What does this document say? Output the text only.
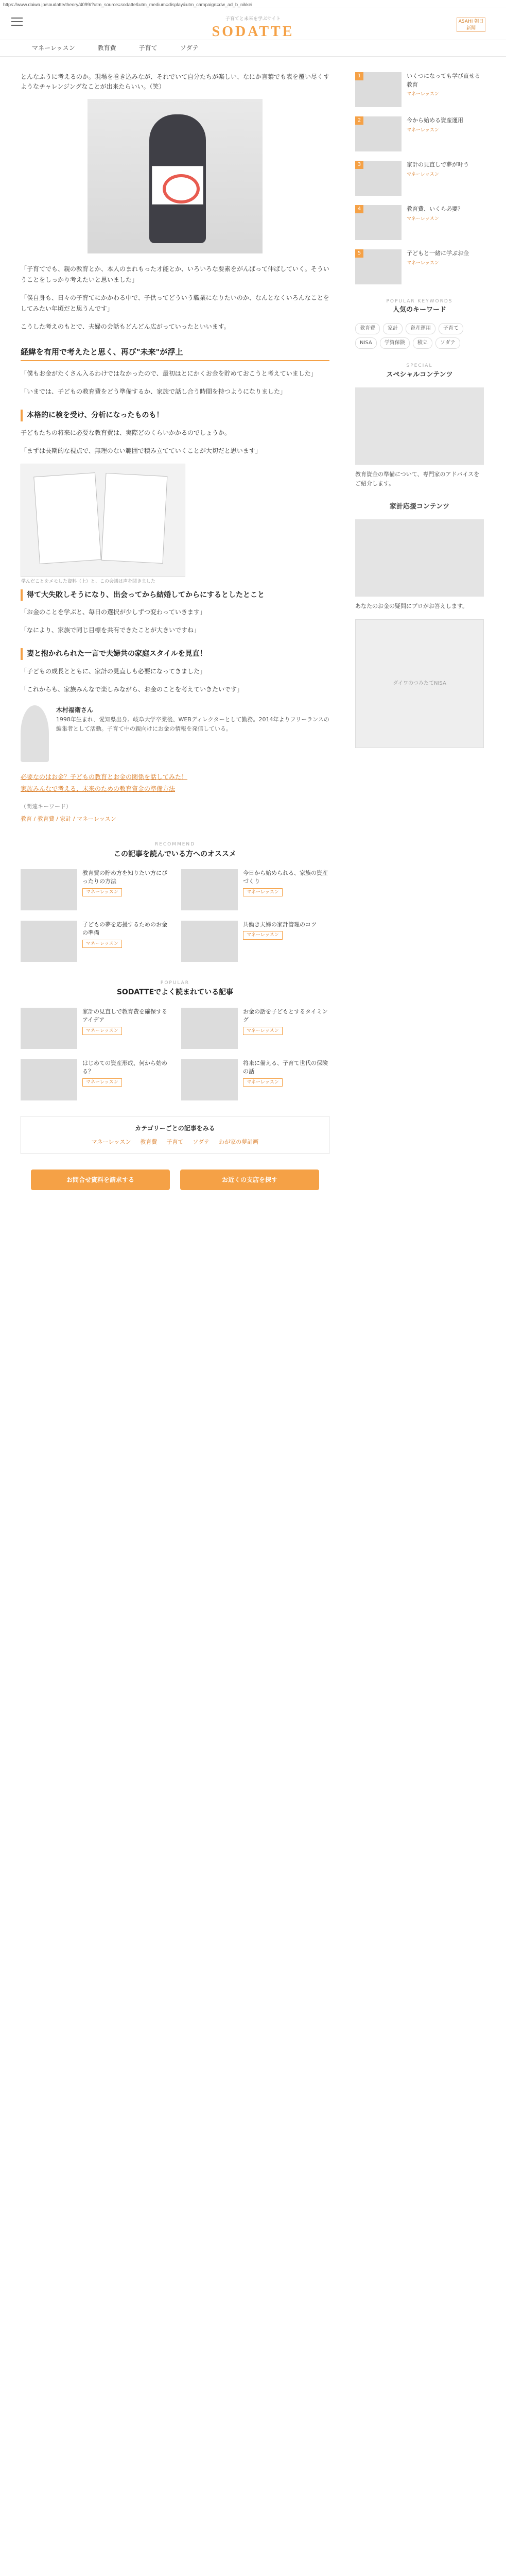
https://www.daiwa.jp/soudatte/theory/4099/?utm_source=sodatte&utm_medium=display&utm_campaign=dw_ad_b_nikkei
子育てと未来を学ぶサイト
SODATTE
ASAHI 朝日新聞
マネーレッスン	教育費	子育て	ソダテ

とんなふうに考えるのか。現場を巻き込みなが、それでいて自分たちが楽しい、なにか言葉でも表を覆い尽くすようなチャレンジングなことが出来たらいい。（笑）

「子育てでも、親の教育とか、本人のまれもった才能とか、いろいろな要素をがんばって伸ばしていく。そういうことをしっかり考えたいと思いました」

「僕自身も、日々の子育てにかかわる中で、子供ってどういう職業になりたいのか、なんとなくいろんなことをしてみたい年頃だと思うんです」

こうした考えのもとで、夫婦の会話もどんどん広がっていったといいます。

経緯を有用で考えたと思く、再び"未来"が浮上

「僕もお金がたくさん入るわけではなかったので、最初はとにかくお金を貯めておこうと考えていました」

「いまでは、子どもの教育費をどう準備するか、家族で話し合う時間を持つようになりました」

本格的に検を受け、分析になったものも！

子どもたちの将来に必要な教育費は、実際どのくらいかかるのでしょうか。

「まずは長期的な視点で、無理のない範囲で積み立てていくことが大切だと思います」

学んだことをメモした資料（上）と、この会議は声を聞きました
得て大失敗しそうになり、出会ってから結婚してからにするとしたとこと

「お金のことを学ぶと、毎日の選択が少しずつ変わっていきます」

「なにより、家族で同じ目標を共有できたことが大きいですね」

妻と抱かれられた一言で夫婦共の家庭スタイルを見直！

「子どもの成長とともに、家計の見直しも必要になってきました」

「これからも、家族みんなで楽しみながら、お金のことを考えていきたいです」

木村福衛さん
1998年生まれ、愛知県出身。岐阜大学卒業後、WEBディレクターとして勤務。2014年よりフリーランスの編集者として活動。子育て中の親向けにお金の情報を発信している。
必要なのはお金？子どもの教育とお金の関係を話してみた！
家族みんなで考える、未来のための教育資金の準備方法
（関連キーワード）
教育 / 教育費 / 家計 / マネーレッスン
RECOMMEND
この記事を読んでいる方へのオススメ
教育費の貯め方を知りたい方にぴったりの方法
マネーレッスン
今日から始められる、家族の資産づくり
マネーレッスン
子どもの夢を応援するためのお金の準備
マネーレッスン
共働き夫婦の家計管理のコツ
マネーレッスン
POPULAR
SODATTEでよく読まれている記事
家計の見直しで教育費を確保するアイデア
マネーレッスン
お金の話を子どもとするタイミング
マネーレッスン
はじめての資産形成、何から始める？
マネーレッスン
将来に備える、子育て世代の保険の話
マネーレッスン
カテゴリーごとの記事をみる
マネーレッスン 教育費 子育て ソダテ わが家の夢計画
お問合せ資料を請求する	お近くの支店を探す
1	いくつになっても学び直せる教育
マネーレッスン
2	今から始める資産運用
マネーレッスン
3	家計の見直しで夢が叶う
マネーレッスン
4	教育費、いくら必要？
マネーレッスン
5	子どもと一緒に学ぶお金
マネーレッスン
POPULAR KEYWORDS
人気のキーワード
教育費	家計	資産運用	子育て
NISA	学資保険	積立	ソダテ
SPECIAL
スペシャルコンテンツ
教育資金の準備について、専門家のアドバイスをご紹介します。
家計応援コンテンツ
あなたのお金の疑問にプロがお答えします。
ダイワのつみたてNISA
